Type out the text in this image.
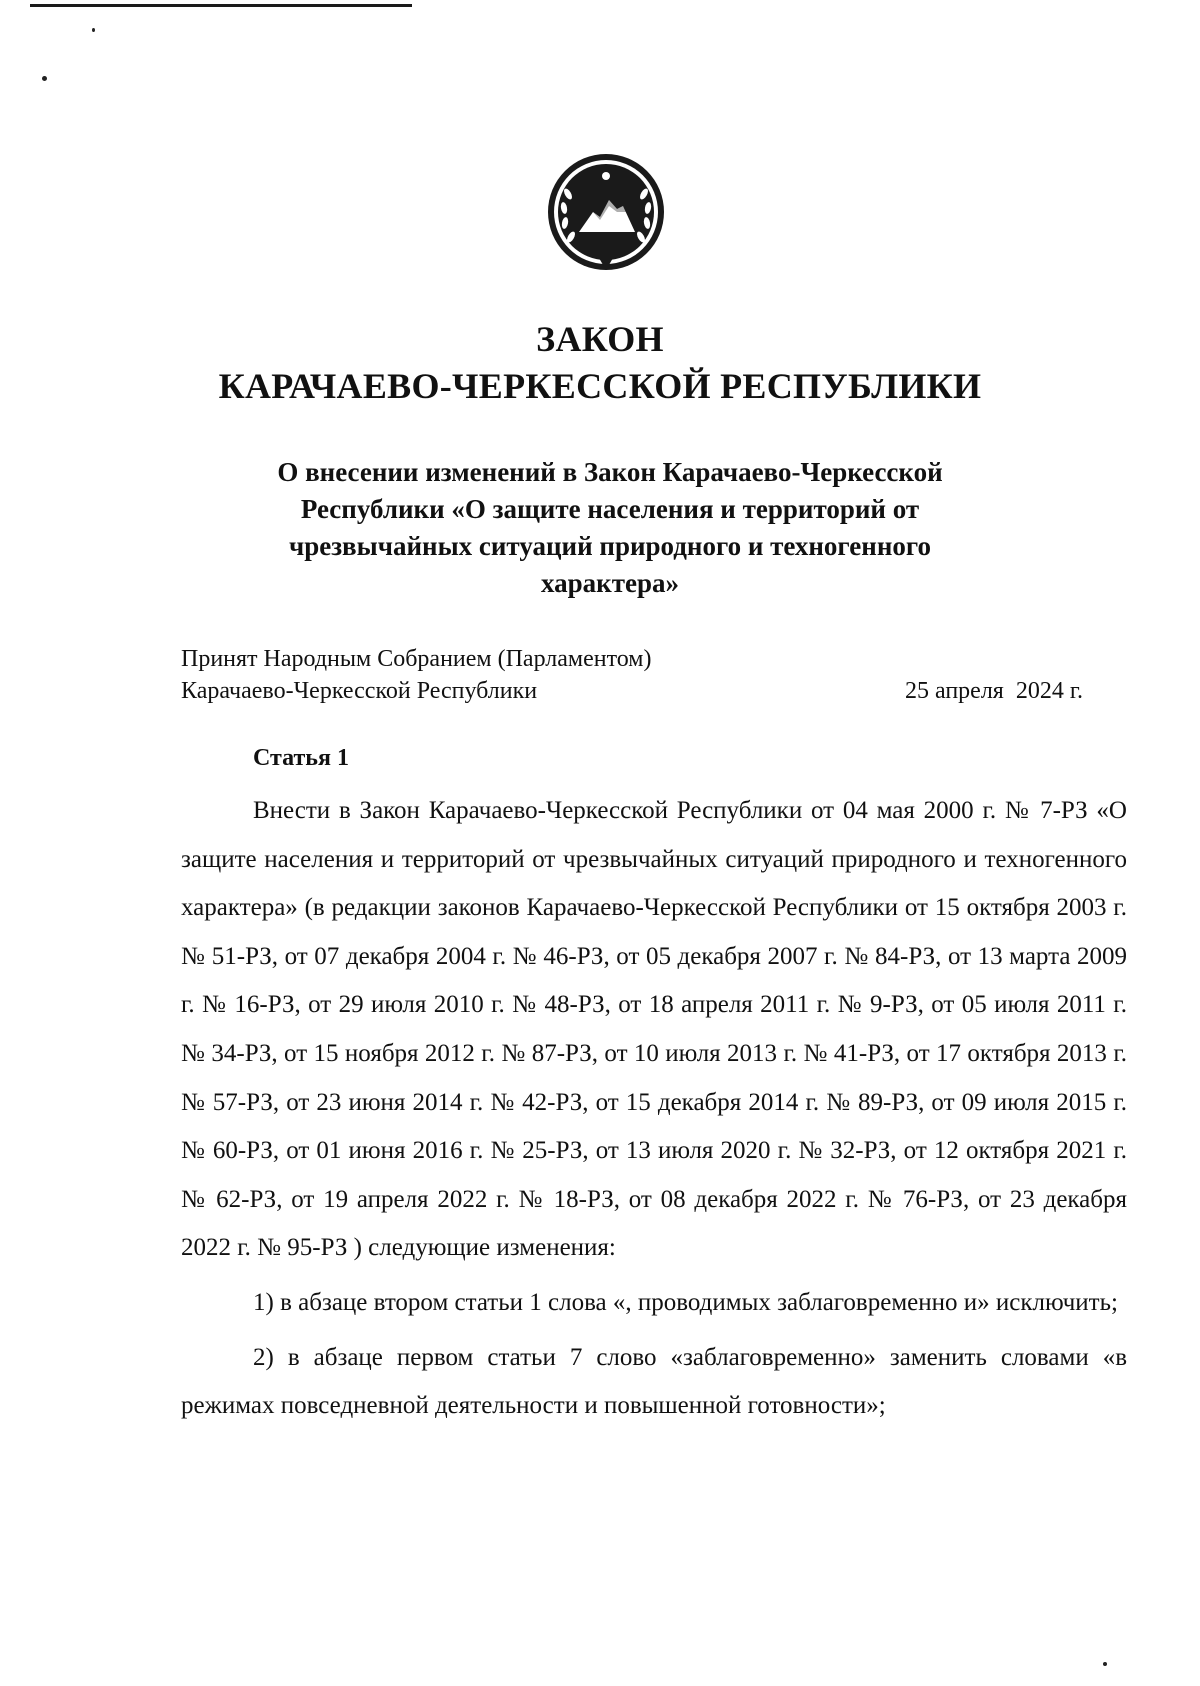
ЗАКОН
КАРАЧАЕВО-ЧЕРКЕССКОЙ РЕСПУБЛИКИ

О внесении изменений в Закон Карачаево-Черкесской Республики «О защите населения и территорий от чрезвычайных ситуаций природного и техногенного характера»

Принят Народным Собранием (Парламентом)
Карачаево-Черкесской Республики	25 апреля  2024 г.
Статья 1

Внести в Закон Карачаево-Черкесской Республики от 04 мая 2000 г. № 7-РЗ «О защите населения и территорий от чрезвычайных ситуаций природного и техногенного характера» (в редакции законов Карачаево-Черкесской Республики от 15 октября 2003 г. № 51-РЗ, от 07 декабря 2004 г. № 46-РЗ, от 05 декабря 2007 г. № 84-РЗ, от 13 марта 2009 г. № 16-РЗ, от 29 июля 2010 г. № 48-РЗ, от 18 апреля 2011 г. № 9-РЗ, от 05 июля 2011 г. № 34-РЗ, от 15 ноября 2012 г. № 87-РЗ, от 10 июля 2013 г. № 41-РЗ, от 17 октября 2013 г. № 57-РЗ, от 23 июня 2014 г. № 42-РЗ, от 15 декабря 2014 г. № 89-РЗ, от 09 июля 2015 г. № 60-РЗ, от 01 июня 2016 г. № 25-РЗ, от 13 июля 2020 г. № 32-РЗ, от 12 октября 2021 г. № 62-РЗ, от 19 апреля 2022 г. № 18-РЗ, от 08 декабря 2022 г. № 76-РЗ, от 23 декабря 2022 г. № 95-РЗ ) следующие изменения:

1) в абзаце втором статьи 1 слова «, проводимых заблаговременно и» исключить;

2) в абзаце первом статьи 7 слово «заблаговременно» заменить словами «в режимах повседневной деятельности и повышенной готовности»;
